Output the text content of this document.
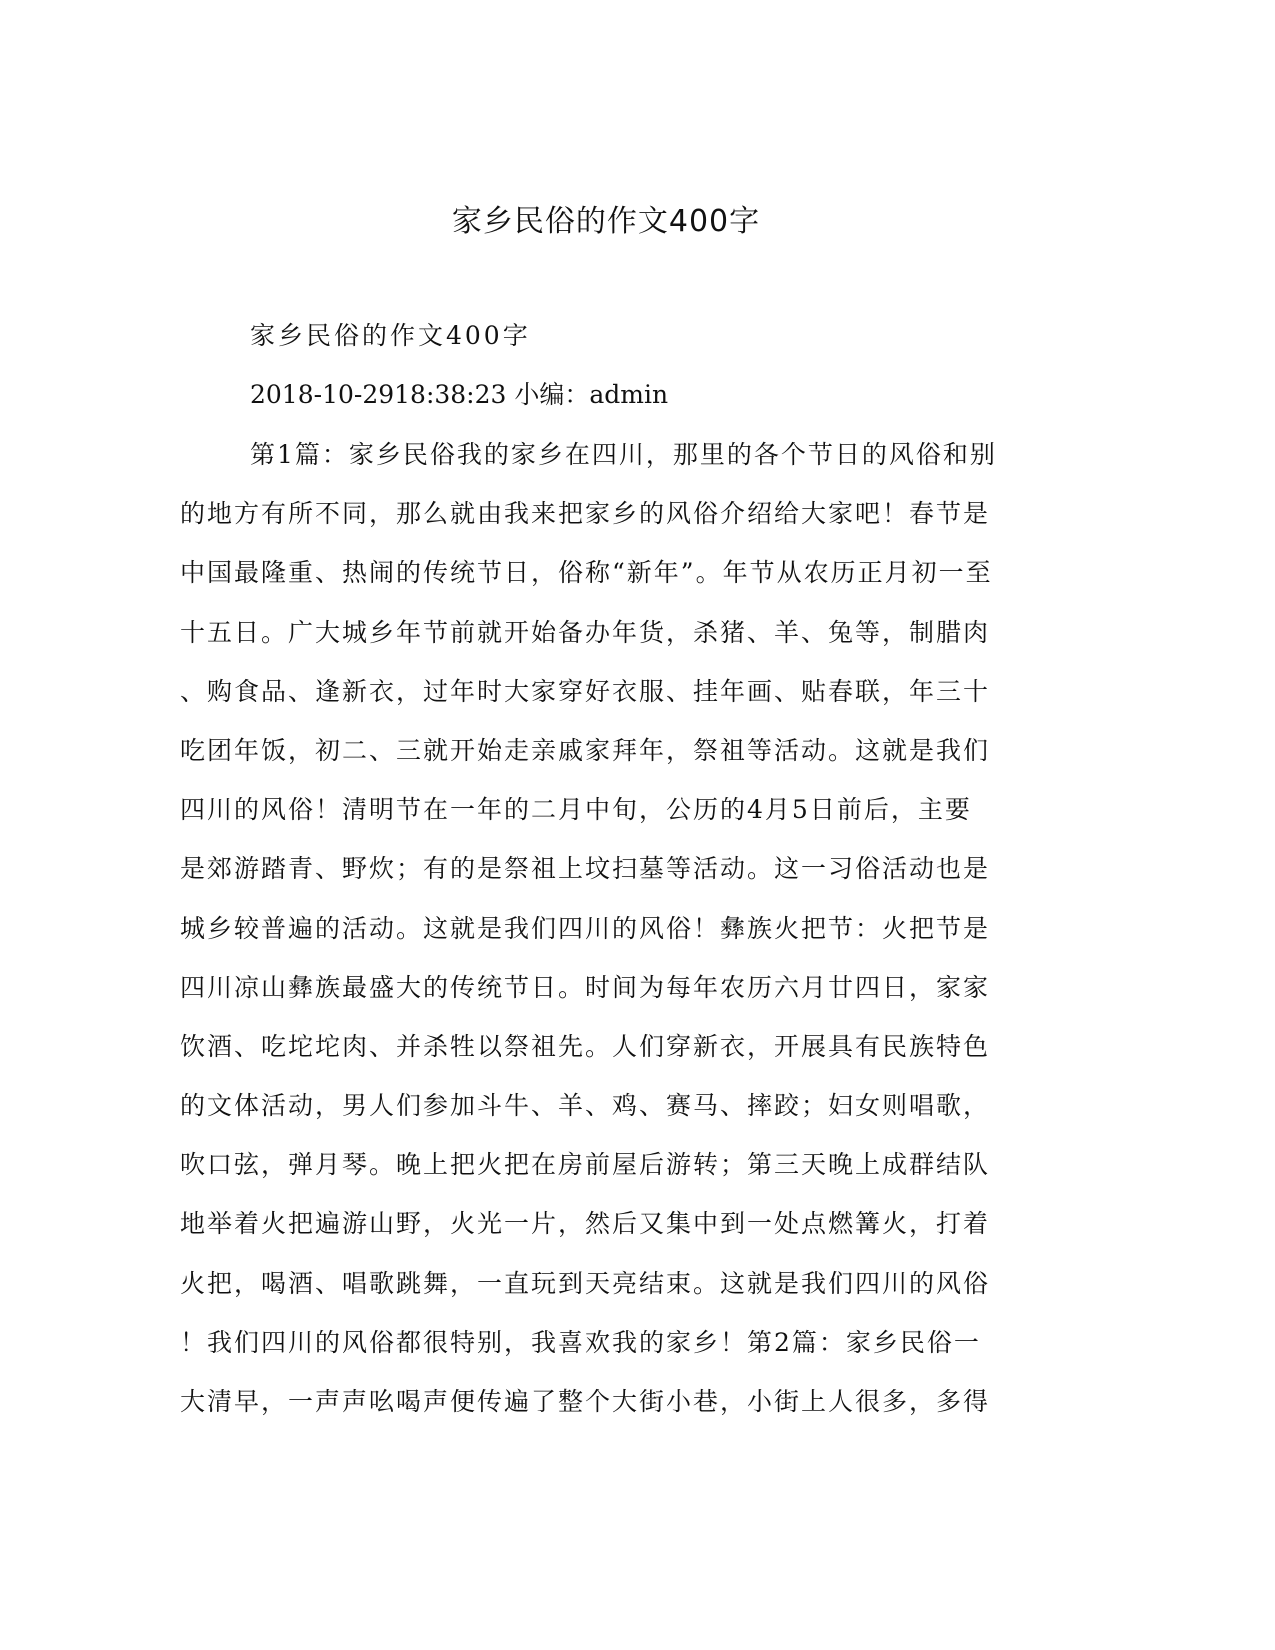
家乡民俗的作文400字
家乡民俗的作文400字
2018-10-2918:38:23 小编：admin
第1篇：家乡民俗我的家乡在四川，那里的各个节日的风俗和别
的地方有所不同，那么就由我来把家乡的风俗介绍给大家吧！春节是
中国最隆重、热闹的传统节日，俗称“新年”。年节从农历正月初一至
十五日。广大城乡年节前就开始备办年货，杀猪、羊、兔等，制腊肉
、购食品、逢新衣，过年时大家穿好衣服、挂年画、贴春联，年三十
吃团年饭，初二、三就开始走亲戚家拜年，祭祖等活动。这就是我们
四川的风俗！清明节在一年的二月中旬，公历的4月5日前后，主要
是郊游踏青、野炊；有的是祭祖上坟扫墓等活动。这一习俗活动也是
城乡较普遍的活动。这就是我们四川的风俗！彝族火把节：火把节是
四川凉山彝族最盛大的传统节日。时间为每年农历六月廿四日，家家
饮酒、吃坨坨肉、并杀牲以祭祖先。人们穿新衣，开展具有民族特色
的文体活动，男人们参加斗牛、羊、鸡、赛马、摔跤；妇女则唱歌，
吹口弦，弹月琴。晚上把火把在房前屋后游转；第三天晚上成群结队
地举着火把遍游山野，火光一片，然后又集中到一处点燃篝火，打着
火把，喝酒、唱歌跳舞，一直玩到天亮结束。这就是我们四川的风俗
！我们四川的风俗都很特别，我喜欢我的家乡！第2篇：家乡民俗一
大清早，一声声吆喝声便传遍了整个大街小巷，小街上人很多，多得
